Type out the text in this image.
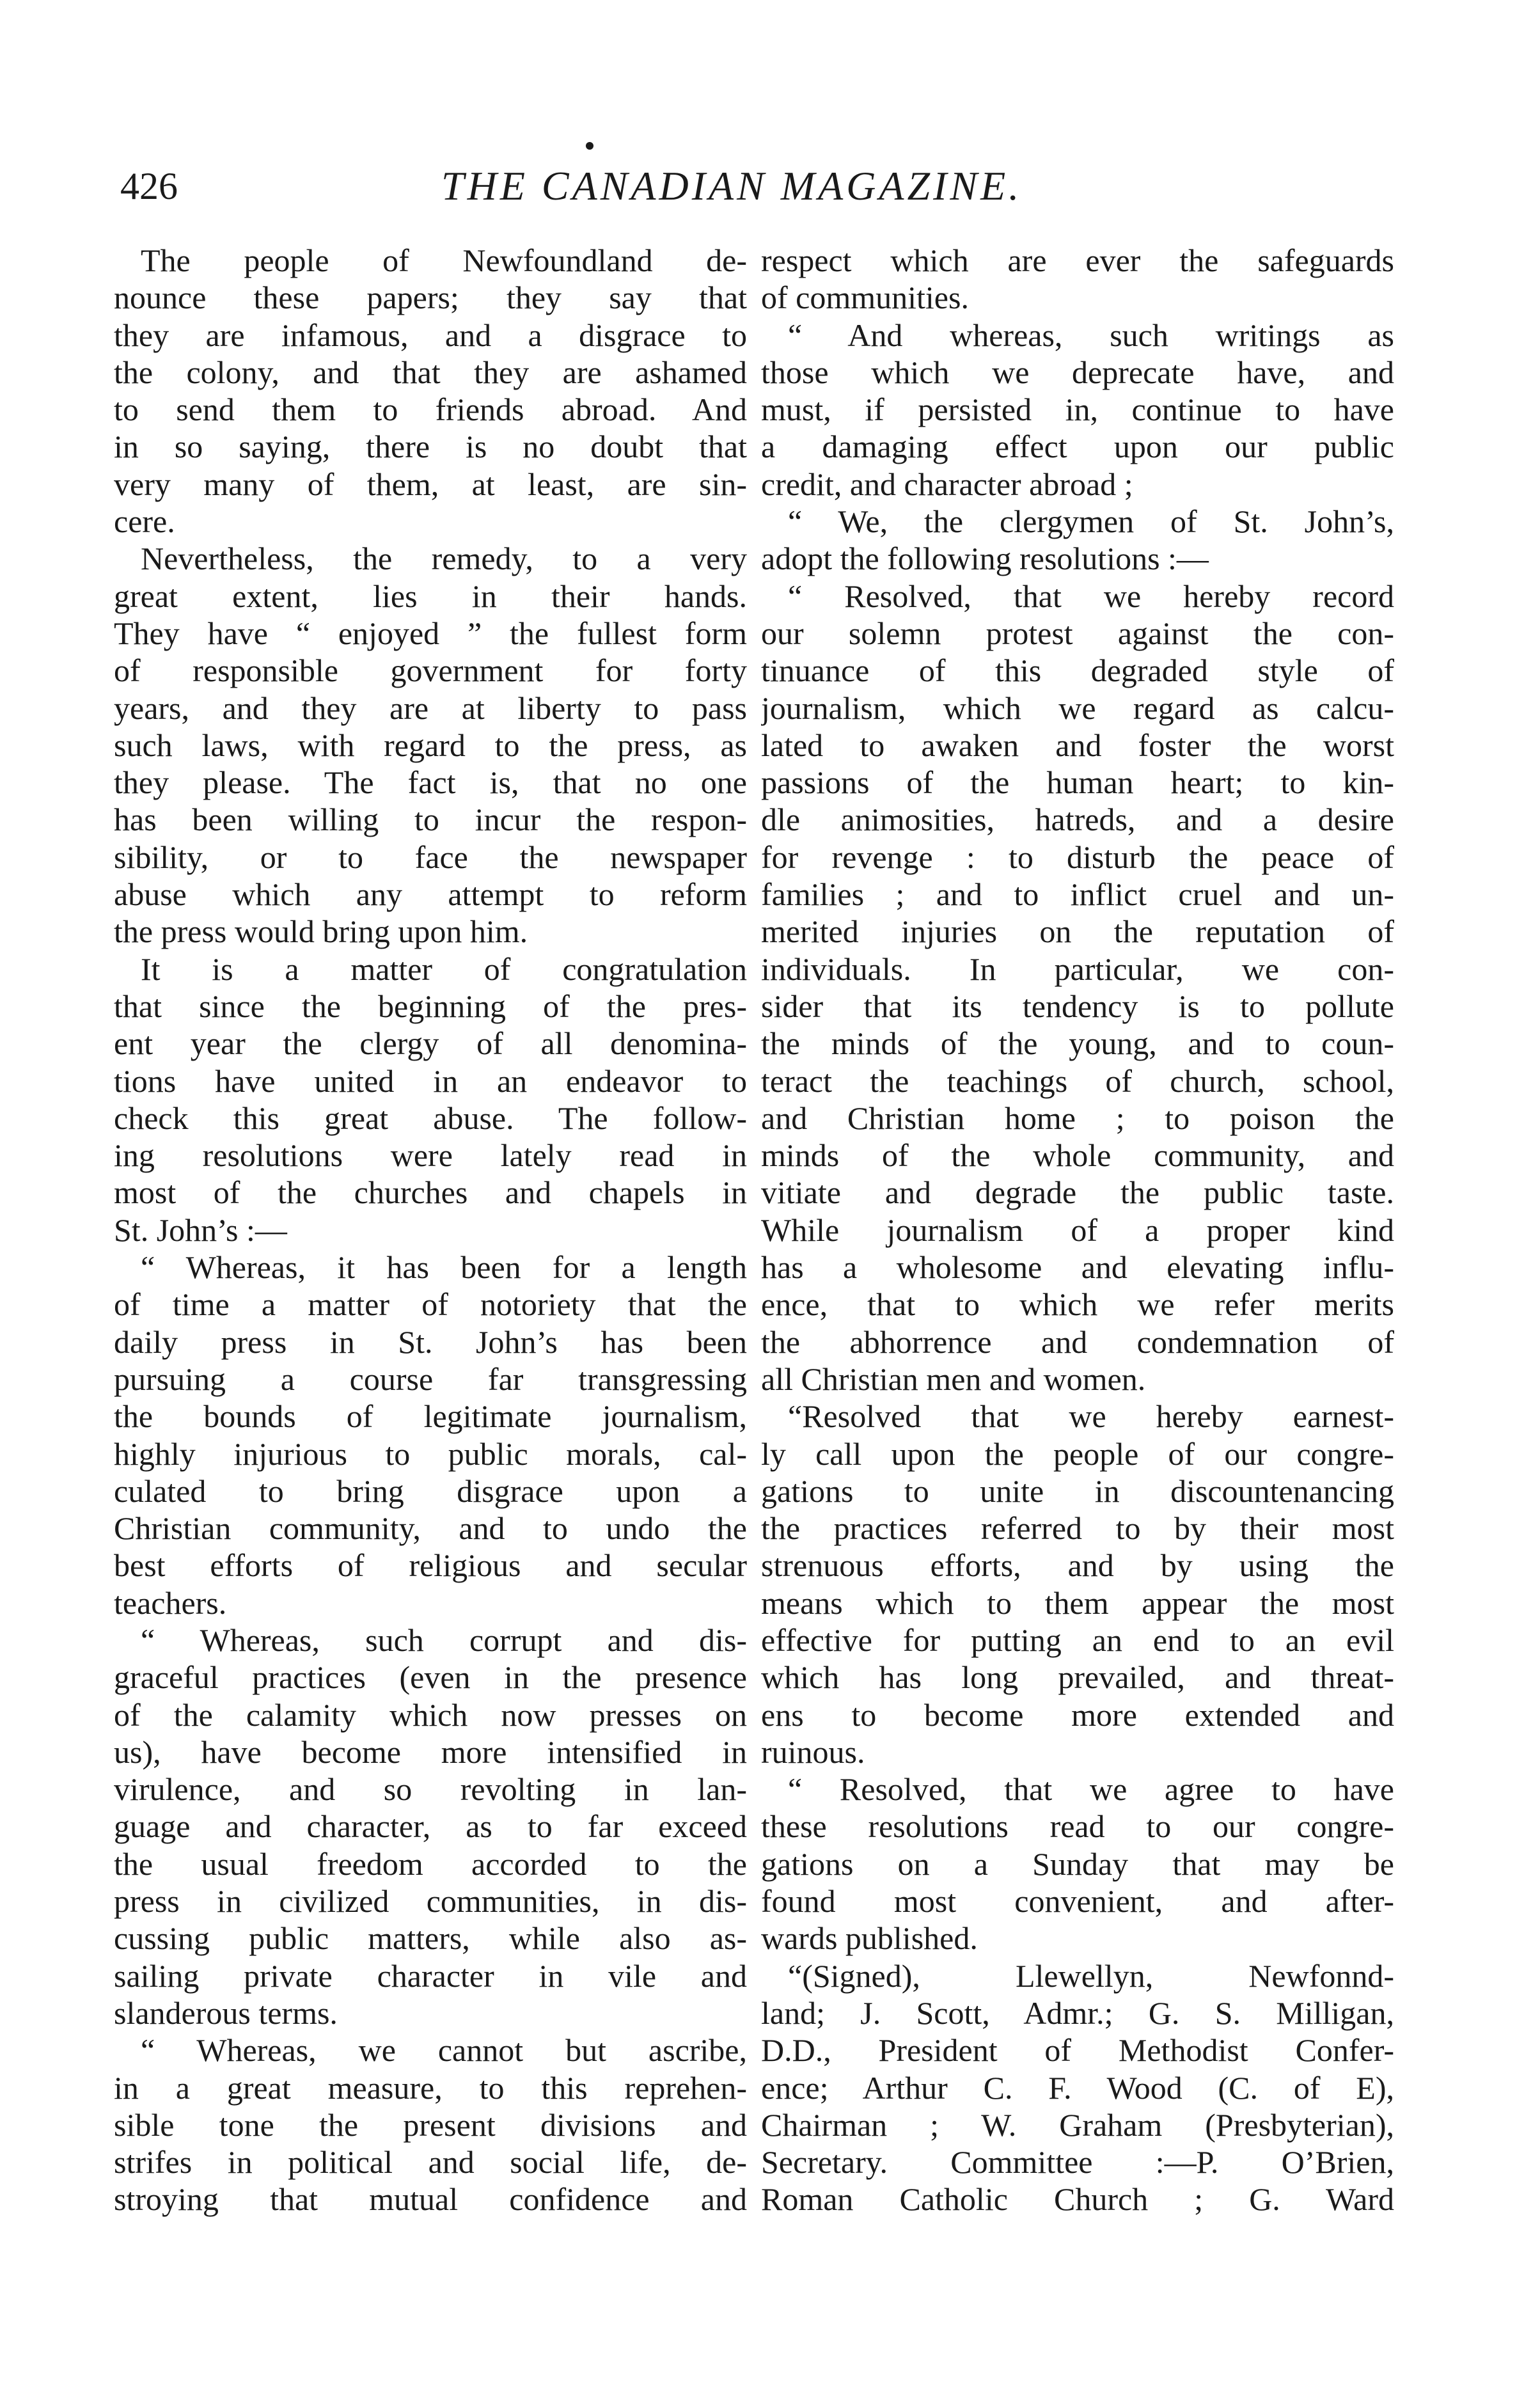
426	THE CANADIAN MAGAZINE.
The people of Newfoundland de-
nounce these papers; they say that
they are infamous, and a disgrace to
the colony, and that they are ashamed
to send them to friends abroad. And
in so saying, there is no doubt that
very many of them, at least, are sin-
cere.
Nevertheless, the remedy, to a very
great extent, lies in their hands.
They have “ enjoyed ” the fullest form
of responsible government for forty
years, and they are at liberty to pass
such laws, with regard to the press, as
they please. The fact is, that no one
has been willing to incur the respon-
sibility, or to face the newspaper
abuse which any attempt to reform
the press would bring upon him.
It is a matter of congratulation
that since the beginning of the pres-
ent year the clergy of all denomina-
tions have united in an endeavor to
check this great abuse. The follow-
ing resolutions were lately read in
most of the churches and chapels in
St. John’s :—
“ Whereas, it has been for a length
of time a matter of notoriety that the
daily press in St. John’s has been
pursuing a course far transgressing
the bounds of legitimate journalism,
highly injurious to public morals, cal-
culated to bring disgrace upon a
Christian community, and to undo the
best efforts of religious and secular
teachers.
“ Whereas, such corrupt and dis-
graceful practices (even in the presence
of the calamity which now presses on
us), have become more intensified in
virulence, and so revolting in lan-
guage and character, as to far exceed
the usual freedom accorded to the
press in civilized communities, in dis-
cussing public matters, while also as-
sailing private character in vile and
slanderous terms.
“ Whereas, we cannot but ascribe,
in a great measure, to this reprehen-
sible tone the present divisions and
strifes in political and social life, de-
stroying that mutual confidence and
respect which are ever the safeguards
of communities.
“ And whereas, such writings as
those which we deprecate have, and
must, if persisted in, continue to have
a damaging effect upon our public
credit, and character abroad ;
“ We, the clergymen of St. John’s,
adopt the following resolutions :—
“ Resolved, that we hereby record
our solemn protest against the con-
tinuance of this degraded style of
journalism, which we regard as calcu-
lated to awaken and foster the worst
passions of the human heart; to kin-
dle animosities, hatreds, and a desire
for revenge : to disturb the peace of
families ; and to inflict cruel and un-
merited injuries on the reputation of
individuals. In particular, we con-
sider that its tendency is to pollute
the minds of the young, and to coun-
teract the teachings of church, school,
and Christian home ; to poison the
minds of the whole community, and
vitiate and degrade the public taste.
While journalism of a proper kind
has a wholesome and elevating influ-
ence, that to which we refer merits
the abhorrence and condemnation of
all Christian men and women.
“Resolved that we hereby earnest-
ly call upon the people of our congre-
gations to unite in discountenancing
the practices referred to by their most
strenuous efforts, and by using the
means which to them appear the most
effective for putting an end to an evil
which has long prevailed, and threat-
ens to become more extended and
ruinous.
“ Resolved, that we agree to have
these resolutions read to our congre-
gations on a Sunday that may be
found most convenient, and after-
wards published.
“(Signed), Llewellyn, Newfonnd-
land; J. Scott, Admr.; G. S. Milligan,
D.D., President of Methodist Confer-
ence; Arthur C. F. Wood (C. of E),
Chairman ; W. Graham (Presbyterian),
Secretary. Committee :—P. O’Brien,
Roman Catholic Church ; G. Ward
